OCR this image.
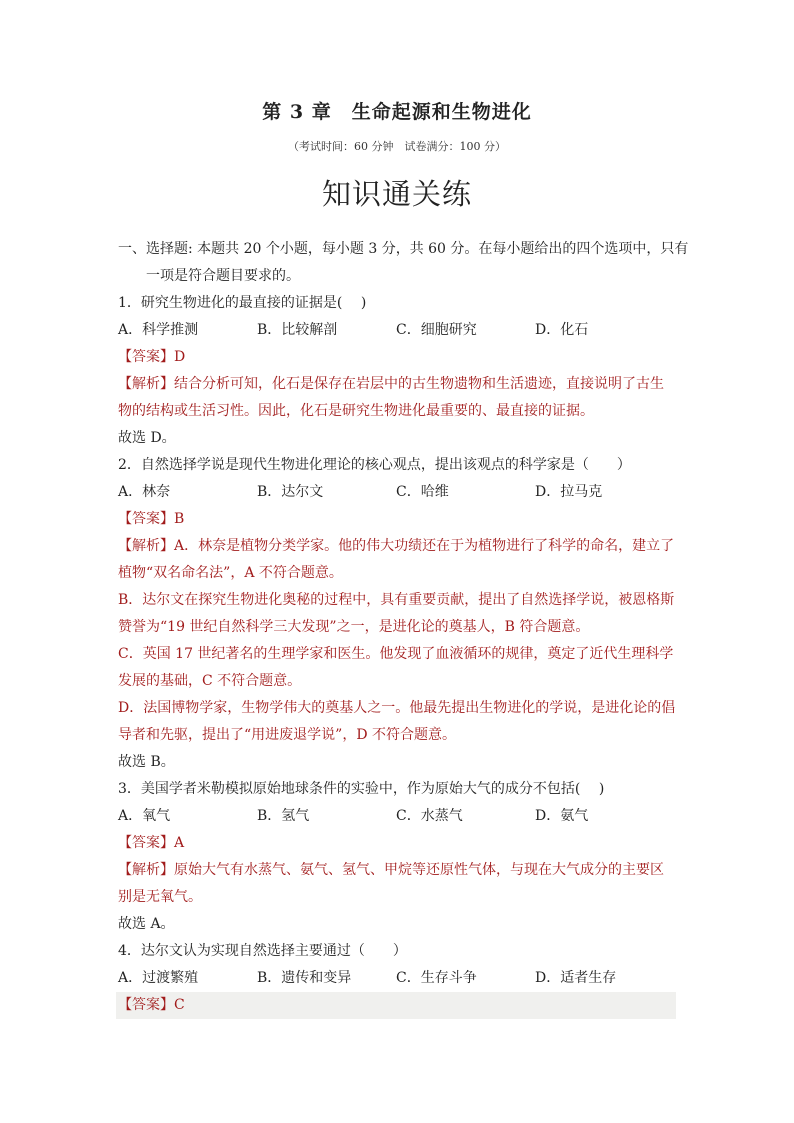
第 3 章　生命起源和生物进化
（考试时间：60 分钟　试卷满分：100 分）
知识通关练

一、选择题: 本题共 20 个小题，每小题 3 分，共 60 分。在每小题给出的四个选项中，只有

一项是符合题目要求的。

1．研究生物进化的最直接的证据是(　 )

A．科学推测	B．比较解剖	C．细胞研究	D．化石

【答案】D

【解析】结合分析可知，化石是保存在岩层中的古生物遗物和生活遗迹，直接说明了古生物的结构或生活习性。因此，化石是研究生物进化最重要的、最直接的证据。

故选 D。

2．自然选择学说是现代生物进化理论的核心观点，提出该观点的科学家是（　　）

A．林奈	B．达尔文	C．哈维	D．拉马克

【答案】B

【解析】A．林奈是植物分类学家。他的伟大功绩还在于为植物进行了科学的命名，建立了植物“双名命名法”，A 不符合题意。

B．达尔文在探究生物进化奥秘的过程中，具有重要贡献，提出了自然选择学说，被恩格斯赞誉为“19 世纪自然科学三大发现”之一，是进化论的奠基人，B 符合题意。

C．英国 17 世纪著名的生理学家和医生。他发现了血液循环的规律，奠定了近代生理科学发展的基础，C 不符合题意。

D．法国博物学家，生物学伟大的奠基人之一。他最先提出生物进化的学说，是进化论的倡导者和先驱，提出了“用进废退学说”，D 不符合题意。

故选 B。

3．美国学者米勒模拟原始地球条件的实验中，作为原始大气的成分不包括(　 )

A．氧气	B．氢气	C．水蒸气	D．氨气

【答案】A

【解析】原始大气有水蒸气、氨气、氢气、甲烷等还原性气体，与现在大气成分的主要区别是无氧气。

故选 A。

4．达尔文认为实现自然选择主要通过（　　）

A．过渡繁殖	B．遗传和变异	C．生存斗争	D．适者生存

【答案】C
